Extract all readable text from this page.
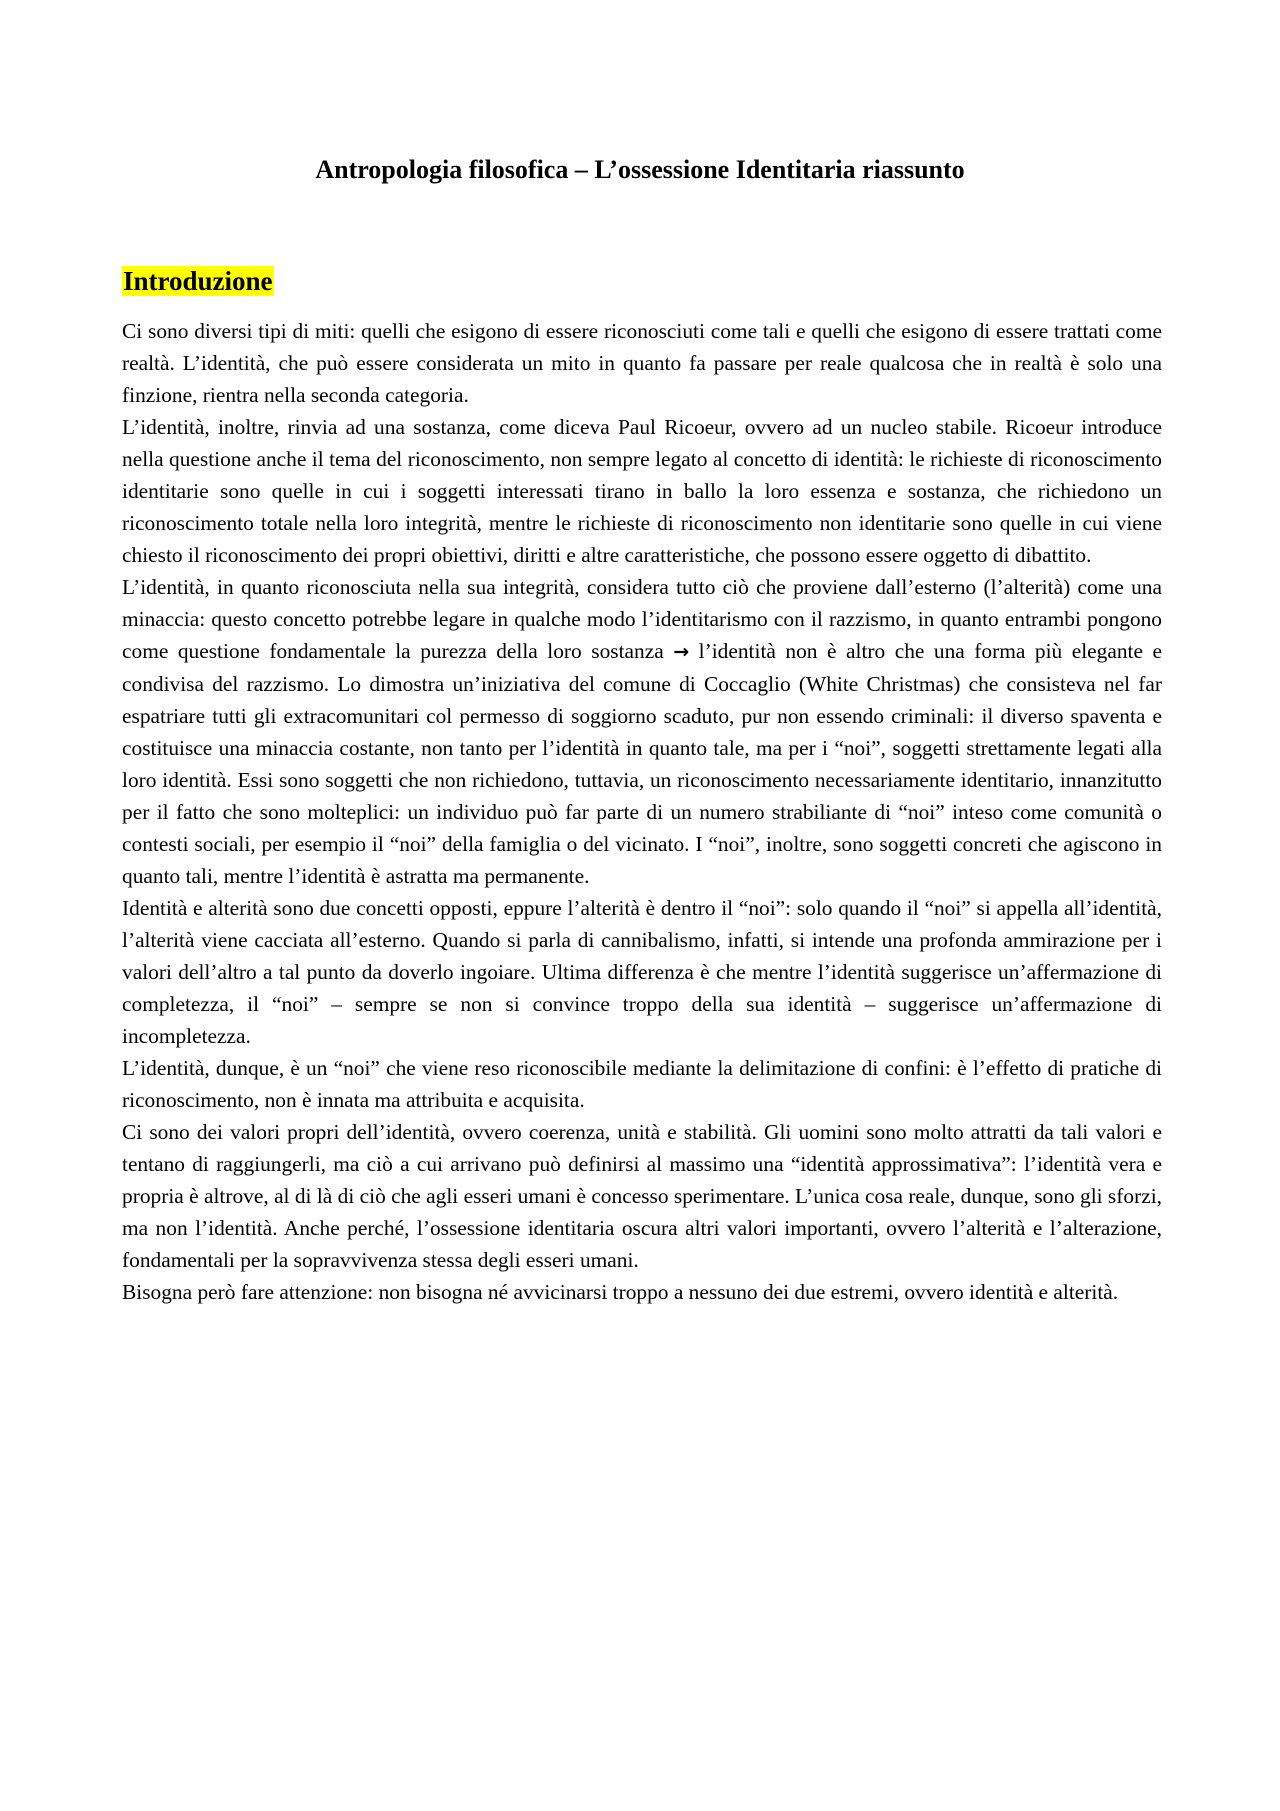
Antropologia filosofica – L’ossessione Identitaria riassunto
Introduzione

Ci sono diversi tipi di miti: quelli che esigono di essere riconosciuti come tali e quelli che esigono di essere trattati come realtà. L’identità, che può essere considerata un mito in quanto fa passare per reale qualcosa che in realtà è solo una finzione, rientra nella seconda categoria.

L’identità, inoltre, rinvia ad una sostanza, come diceva Paul Ricoeur, ovvero ad un nucleo stabile. Ricoeur introduce nella questione anche il tema del riconoscimento, non sempre legato al concetto di identità: le richieste di riconoscimento identitarie sono quelle in cui i soggetti interessati tirano in ballo la loro essenza e sostanza, che richiedono un riconoscimento totale nella loro integrità, mentre le richieste di riconoscimento non identitarie sono quelle in cui viene chiesto il riconoscimento dei propri obiettivi, diritti e altre caratteristiche, che possono essere oggetto di dibattito.

L’identità, in quanto riconosciuta nella sua integrità, considera tutto ciò che proviene dall’esterno (l’alterità) come una minaccia: questo concetto potrebbe legare in qualche modo l’identitarismo con il razzismo, in quanto entrambi pongono come questione fondamentale la purezza della loro sostanza → l’identità non è altro che una forma più elegante e condivisa del razzismo. Lo dimostra un’iniziativa del comune di Coccaglio (White Christmas) che consisteva nel far espatriare tutti gli extracomunitari col permesso di soggiorno scaduto, pur non essendo criminali: il diverso spaventa e costituisce una minaccia costante, non tanto per l’identità in quanto tale, ma per i “noi”, soggetti strettamente legati alla loro identità. Essi sono soggetti che non richiedono, tuttavia, un riconoscimento necessariamente identitario, innanzitutto per il fatto che sono molteplici: un individuo può far parte di un numero strabiliante di “noi” inteso come comunità o contesti sociali, per esempio il “noi” della famiglia o del vicinato. I “noi”, inoltre, sono soggetti concreti che agiscono in quanto tali, mentre l’identità è astratta ma permanente.

Identità e alterità sono due concetti opposti, eppure l’alterità è dentro il “noi”: solo quando il “noi” si appella all’identità, l’alterità viene cacciata all’esterno. Quando si parla di cannibalismo, infatti, si intende una profonda ammirazione per i valori dell’altro a tal punto da doverlo ingoiare. Ultima differenza è che mentre l’identità suggerisce un’affermazione di completezza, il “noi” – sempre se non si convince troppo della sua identità – suggerisce un’affermazione di incompletezza.

L’identità, dunque, è un “noi” che viene reso riconoscibile mediante la delimitazione di confini: è l’effetto di pratiche di riconoscimento, non è innata ma attribuita e acquisita.

Ci sono dei valori propri dell’identità, ovvero coerenza, unità e stabilità. Gli uomini sono molto attratti da tali valori e tentano di raggiungerli, ma ciò a cui arrivano può definirsi al massimo una “identità approssimativa”: l’identità vera e propria è altrove, al di là di ciò che agli esseri umani è concesso sperimentare. L’unica cosa reale, dunque, sono gli sforzi, ma non l’identità. Anche perché, l’ossessione identitaria oscura altri valori importanti, ovvero l’alterità e l’alterazione, fondamentali per la sopravvivenza stessa degli esseri umani.

Bisogna però fare attenzione: non bisogna né avvicinarsi troppo a nessuno dei due estremi, ovvero identità e alterità.
